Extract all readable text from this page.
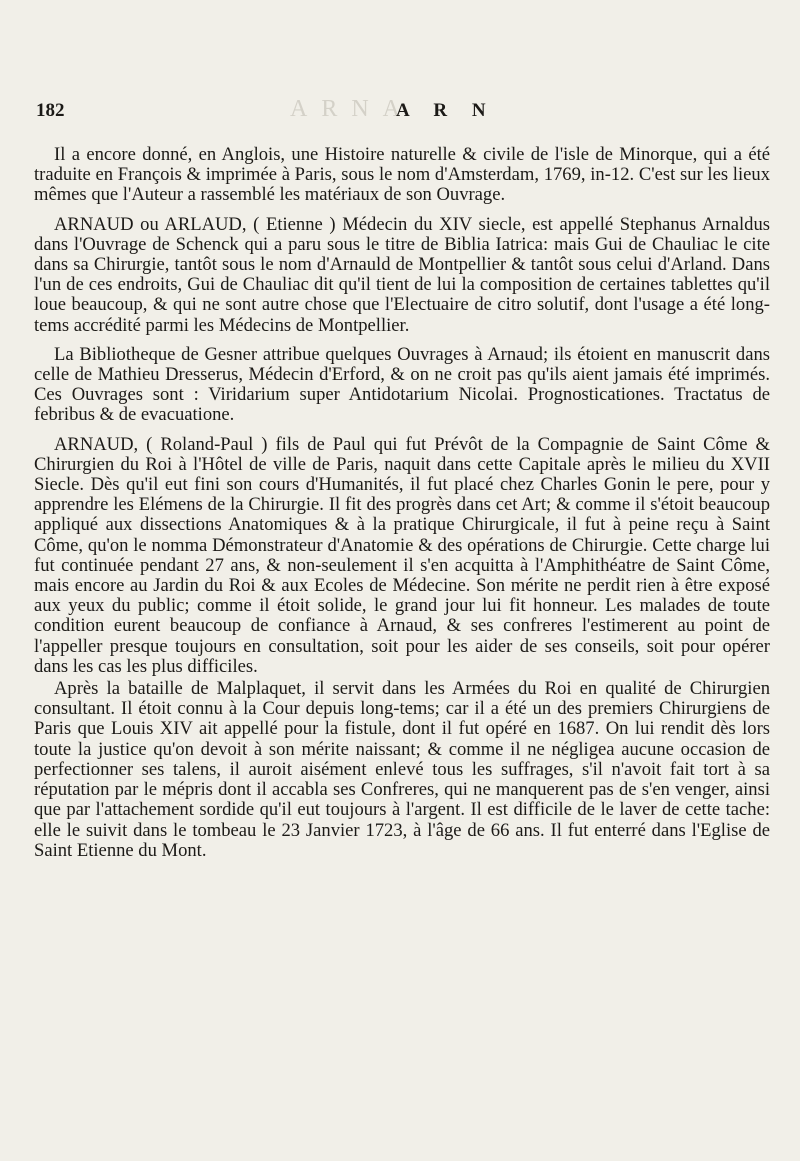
ARNA
182	A R N

Il a encore donné, en Anglois, une Histoire naturelle & civile de l'isle de Minorque, qui a été traduite en François & imprimée à Paris, sous le nom d'Amsterdam, 1769, in-12. C'est sur les lieux mêmes que l'Auteur a rassemblé les matériaux de son Ouvrage.

ARNAUD ou ARLAUD, ( Etienne ) Médecin du XIV siecle, est appellé Stephanus Arnaldus dans l'Ouvrage de Schenck qui a paru sous le titre de Biblia Iatrica: mais Gui de Chauliac le cite dans sa Chirurgie, tantôt sous le nom d'Arnauld de Montpellier & tantôt sous celui d'Arland. Dans l'un de ces endroits, Gui de Chauliac dit qu'il tient de lui la composition de certaines tablettes qu'il loue beaucoup, & qui ne sont autre chose que l'Electuaire de citro solutif, dont l'usage a été long-tems accrédité parmi les Médecins de Montpellier.

La Bibliotheque de Gesner attribue quelques Ouvrages à Arnaud; ils étoient en manuscrit dans celle de Mathieu Dresserus, Médecin d'Erford, & on ne croit pas qu'ils aient jamais été imprimés. Ces Ouvrages sont : Viridarium super Antidotarium Nicolai. Prognosticationes. Tractatus de febribus & de evacuatione.

ARNAUD, ( Roland-Paul ) fils de Paul qui fut Prévôt de la Compagnie de Saint Côme & Chirurgien du Roi à l'Hôtel de ville de Paris, naquit dans cette Capitale après le milieu du XVII Siecle. Dès qu'il eut fini son cours d'Humanités, il fut placé chez Charles Gonin le pere, pour y apprendre les Elémens de la Chirurgie. Il fit des progrès dans cet Art; & comme il s'étoit beaucoup appliqué aux dissections Anatomiques & à la pratique Chirurgicale, il fut à peine reçu à Saint Côme, qu'on le nomma Démonstrateur d'Anatomie & des opérations de Chirurgie. Cette charge lui fut continuée pendant 27 ans, & non-seulement il s'en acquitta à l'Amphithéatre de Saint Côme, mais encore au Jardin du Roi & aux Ecoles de Médecine. Son mérite ne perdit rien à être exposé aux yeux du public; comme il étoit solide, le grand jour lui fit honneur. Les malades de toute condition eurent beaucoup de confiance à Arnaud, & ses confreres l'estimerent au point de l'appeller presque toujours en consultation, soit pour les aider de ses conseils, soit pour opérer dans les cas les plus difficiles.

Après la bataille de Malplaquet, il servit dans les Armées du Roi en qualité de Chirurgien consultant. Il étoit connu à la Cour depuis long-tems; car il a été un des premiers Chirurgiens de Paris que Louis XIV ait appellé pour la fistule, dont il fut opéré en 1687. On lui rendit dès lors toute la justice qu'on devoit à son mérite naissant; & comme il ne négligea aucune occasion de perfectionner ses talens, il auroit aisément enlevé tous les suffrages, s'il n'avoit fait tort à sa réputation par le mépris dont il accabla ses Confreres, qui ne manquerent pas de s'en venger, ainsi que par l'attachement sordide qu'il eut toujours à l'argent. Il est difficile de le laver de cette tache: elle le suivit dans le tombeau le 23 Janvier 1723, à l'âge de 66 ans. Il fut enterré dans l'Eglise de Saint Etienne du Mont.
